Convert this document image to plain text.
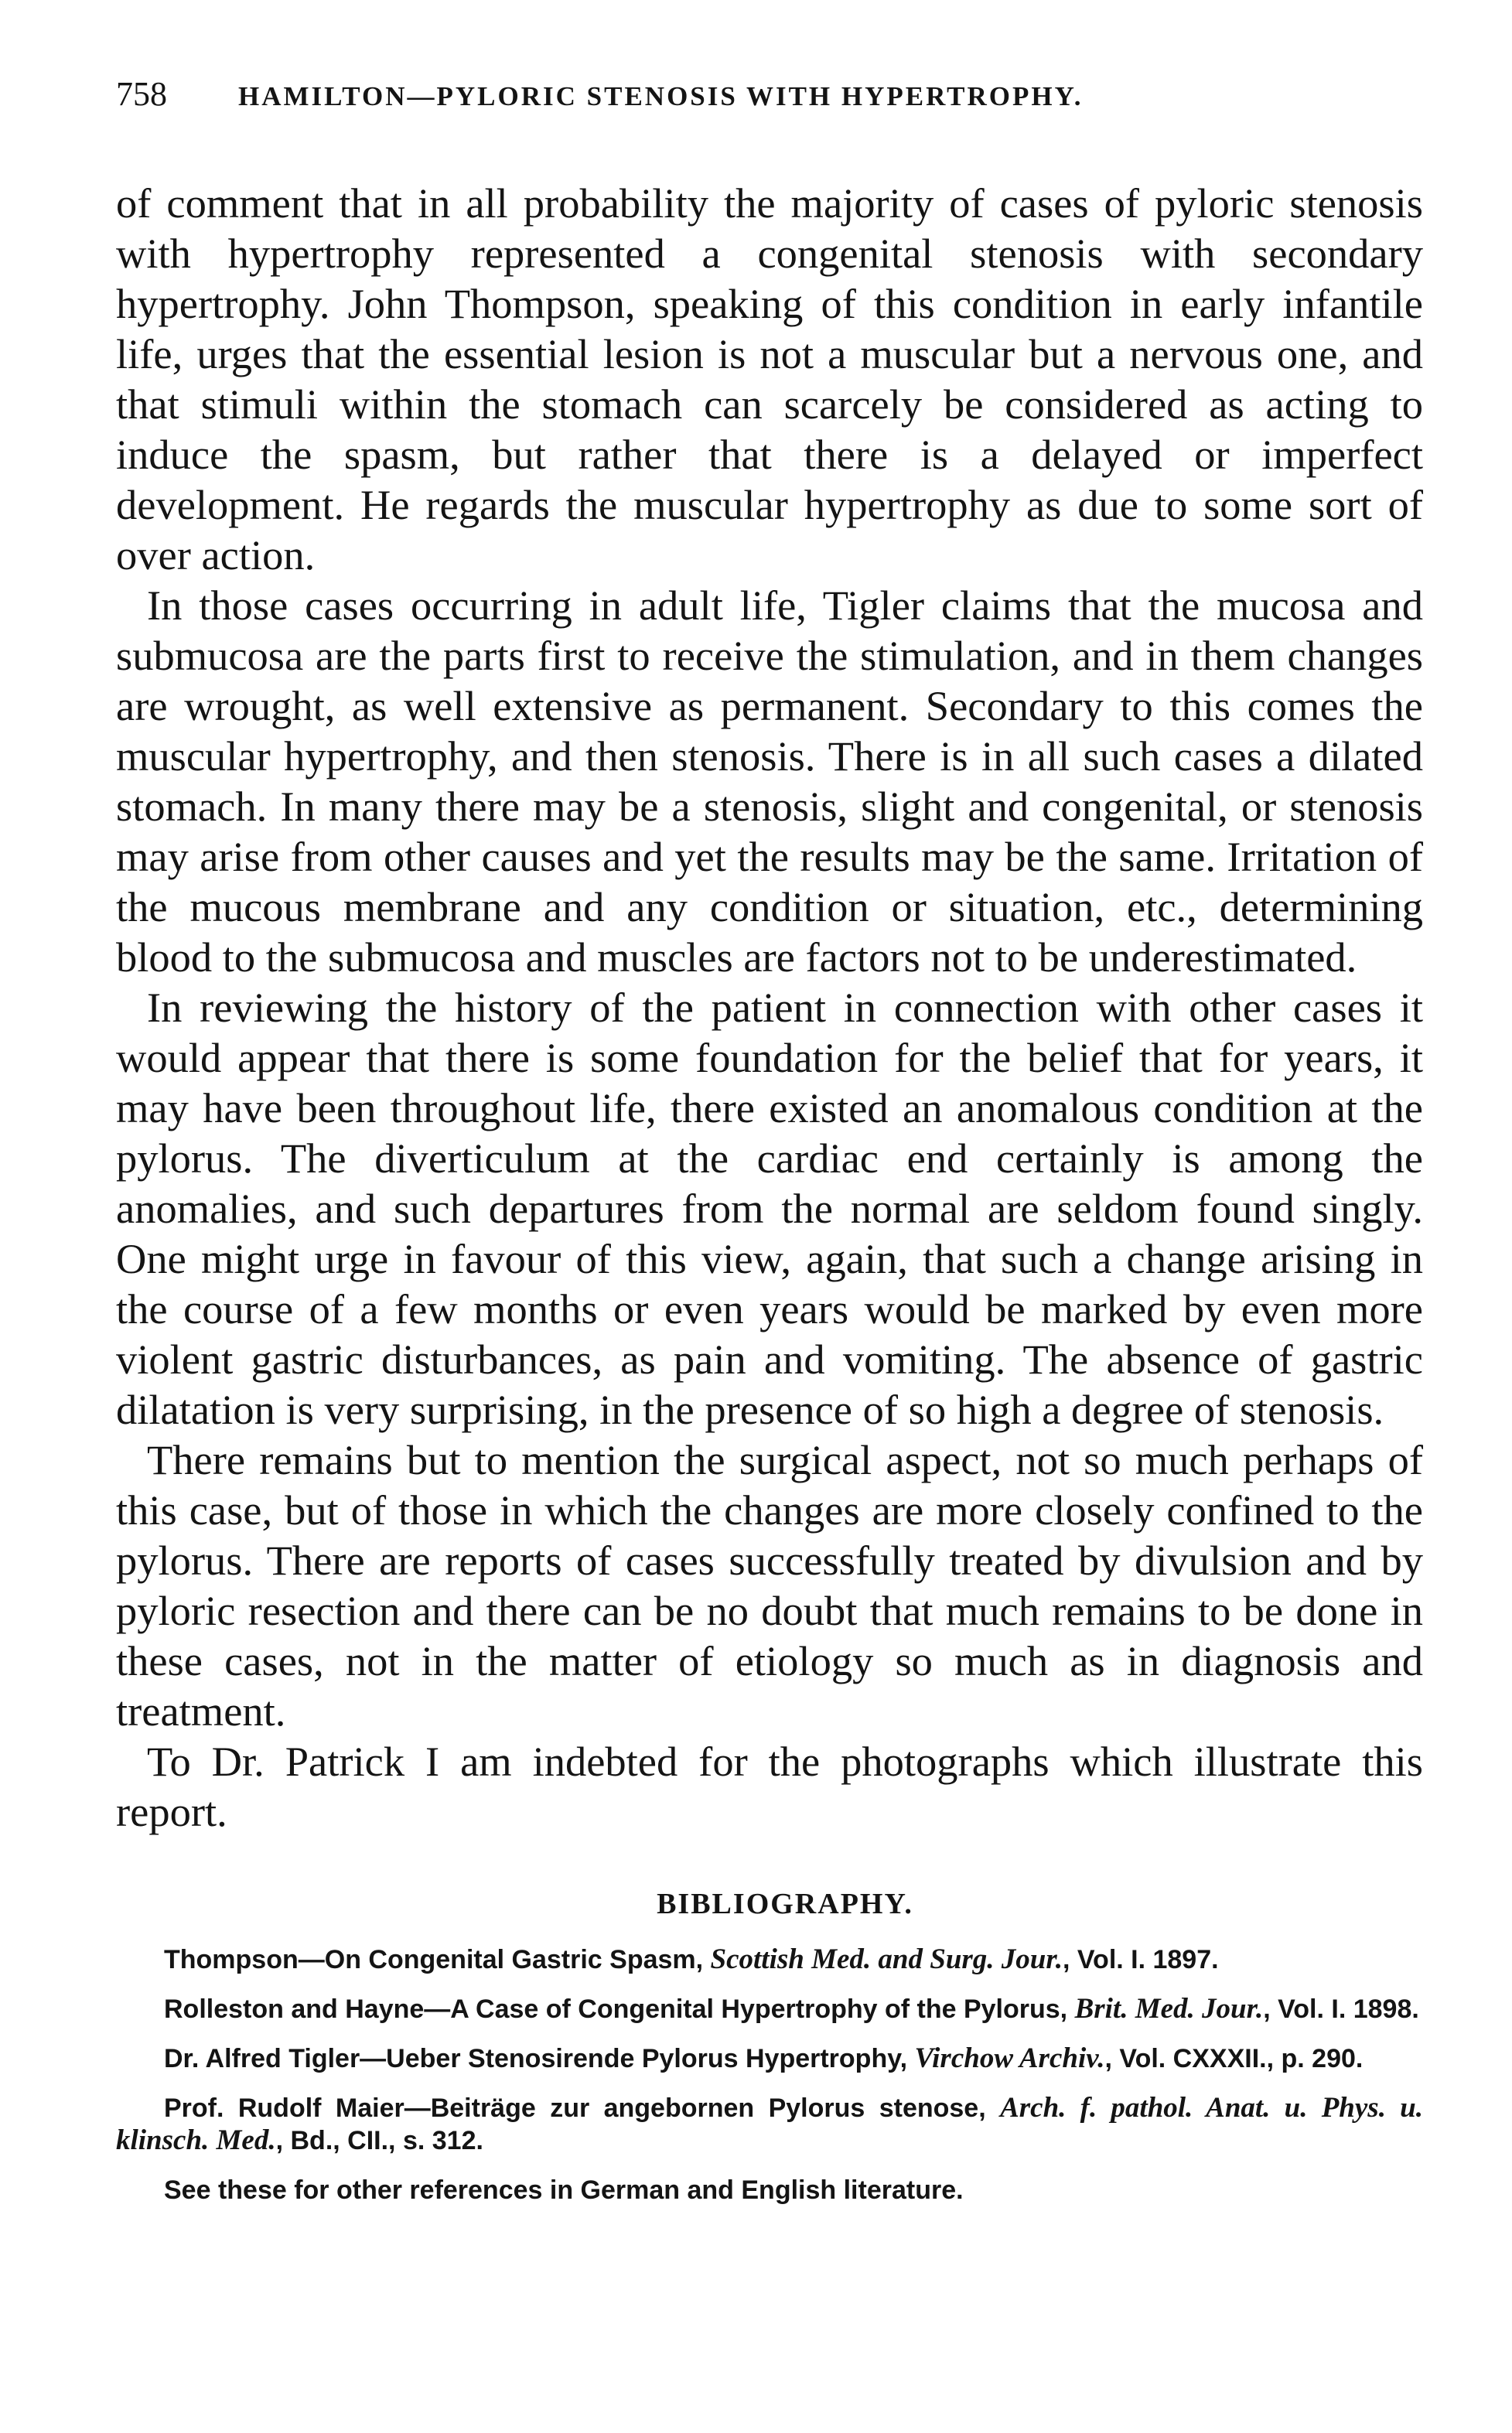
758	HAMILTON—PYLORIC STENOSIS WITH HYPERTROPHY.

of comment that in all probability the majority of cases of pyloric stenosis with hypertrophy represented a congenital stenosis with secondary hypertrophy. John Thompson, speaking of this condition in early infantile life, urges that the essential lesion is not a muscular but a nervous one, and that stimuli within the stomach can scarcely be considered as acting to induce the spasm, but rather that there is a delayed or imperfect development. He regards the muscular hypertrophy as due to some sort of over action.

In those cases occurring in adult life, Tigler claims that the mucosa and submucosa are the parts first to receive the stimulation, and in them changes are wrought, as well extensive as permanent. Secondary to this comes the muscular hypertrophy, and then stenosis. There is in all such cases a dilated stomach. In many there may be a stenosis, slight and congenital, or stenosis may arise from other causes and yet the results may be the same. Irritation of the mucous membrane and any condition or situation, etc., determining blood to the submucosa and muscles are factors not to be underestimated.

In reviewing the history of the patient in connection with other cases it would appear that there is some foundation for the belief that for years, it may have been throughout life, there existed an anomalous condition at the pylorus. The diverticulum at the cardiac end certainly is among the anomalies, and such departures from the normal are seldom found singly. One might urge in favour of this view, again, that such a change arising in the course of a few months or even years would be marked by even more violent gastric disturbances, as pain and vomiting. The absence of gastric dilatation is very surprising, in the presence of so high a degree of stenosis.

There remains but to mention the surgical aspect, not so much perhaps of this case, but of those in which the changes are more closely confined to the pylorus. There are reports of cases successfully treated by divulsion and by pyloric resection and there can be no doubt that much remains to be done in these cases, not in the matter of etiology so much as in diagnosis and treatment.

To Dr. Patrick I am indebted for the photographs which illustrate this report.

BIBLIOGRAPHY.

Thompson—On Congenital Gastric Spasm, Scottish Med. and Surg. Jour., Vol. I. 1897.

Rolleston and Hayne—A Case of Congenital Hypertrophy of the Pylorus, Brit. Med. Jour., Vol. I. 1898.

Dr. Alfred Tigler—Ueber Stenosirende Pylorus Hypertrophy, Virchow Archiv., Vol. CXXXII., p. 290.

Prof. Rudolf Maier—Beiträge zur angebornen Pylorus stenose, Arch. f. pathol. Anat. u. Phys. u. klinsch. Med., Bd., CII., s. 312.

See these for other references in German and English literature.
